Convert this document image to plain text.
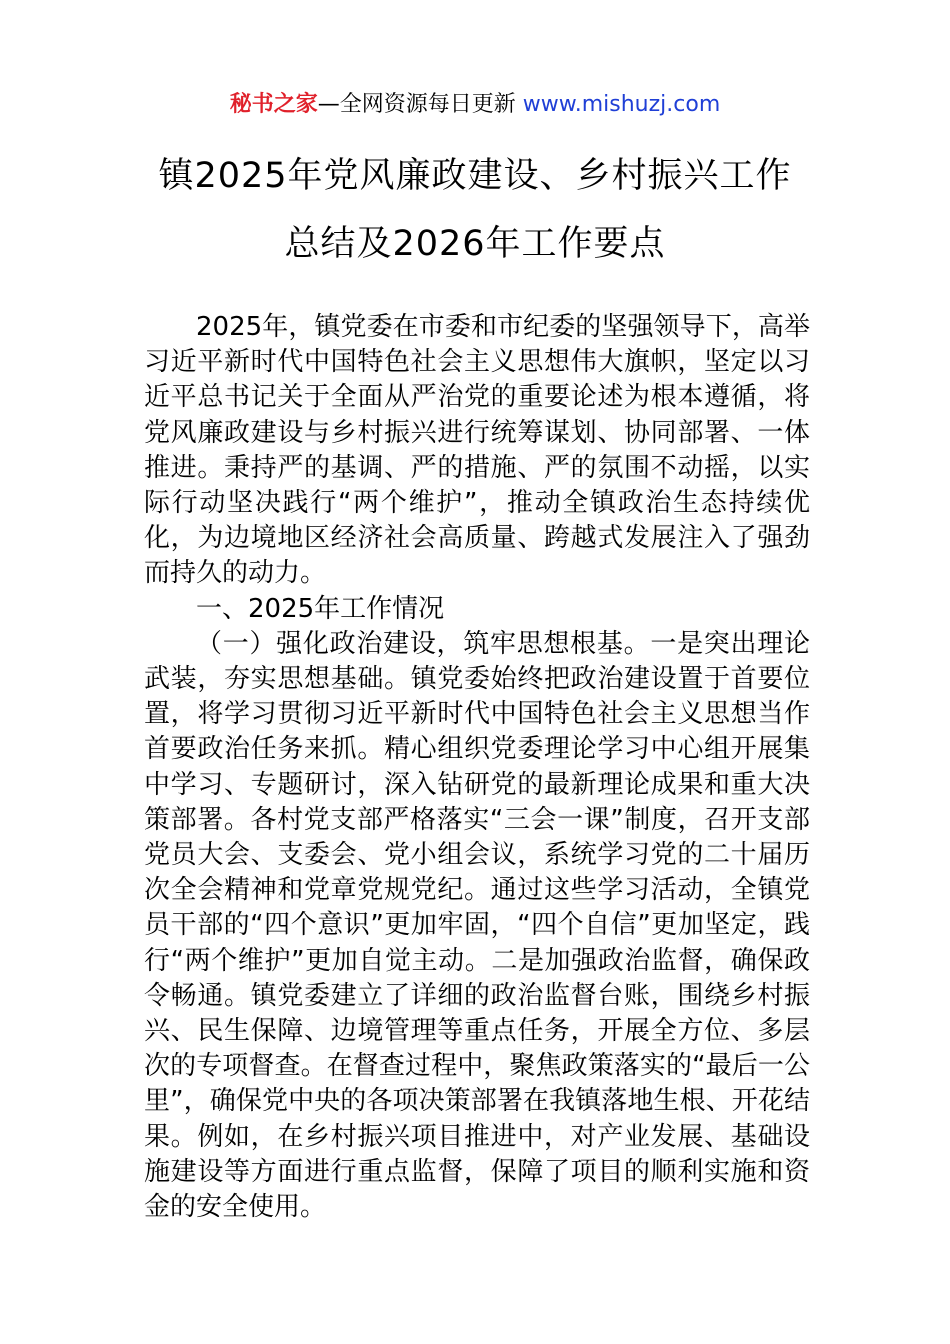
秘书之家—全网资源每日更新 www.mishuzj.com
镇2025年党风廉政建设、乡村振兴工作
总结及2026年工作要点

2025年，镇党委在市委和市纪委的坚强领导下，高举习近平新时代中国特色社会主义思想伟大旗帜，坚定以习近平总书记关于全面从严治党的重要论述为根本遵循，将党风廉政建设与乡村振兴进行统筹谋划、协同部署、一体推进。秉持严的基调、严的措施、严的氛围不动摇，以实际行动坚决践行“两个维护”，推动全镇政治生态持续优化，为边境地区经济社会高质量、跨越式发展注入了强劲而持久的动力。

一、2025年工作情况

（一）强化政治建设，筑牢思想根基。一是突出理论武装，夯实思想基础。镇党委始终把政治建设置于首要位置，将学习贯彻习近平新时代中国特色社会主义思想当作首要政治任务来抓。精心组织党委理论学习中心组开展集中学习、专题研讨，深入钻研党的最新理论成果和重大决策部署。各村党支部严格落实“三会一课”制度，召开支部党员大会、支委会、党小组会议，系统学习党的二十届历次全会精神和党章党规党纪。通过这些学习活动，全镇党员干部的“四个意识”更加牢固，“四个自信”更加坚定，践行“两个维护”更加自觉主动。二是加强政治监督，确保政令畅通。镇党委建立了详细的政治监督台账，围绕乡村振兴、民生保障、边境管理等重点任务，开展全方位、多层次的专项督查。在督查过程中，聚焦政策落实的“最后一公里”，确保党中央的各项决策部署在我镇落地生根、开花结果。例如，在乡村振兴项目推进中，对产业发展、基础设施建设等方面进行重点监督，保障了项目的顺利实施和资金的安全使用。
